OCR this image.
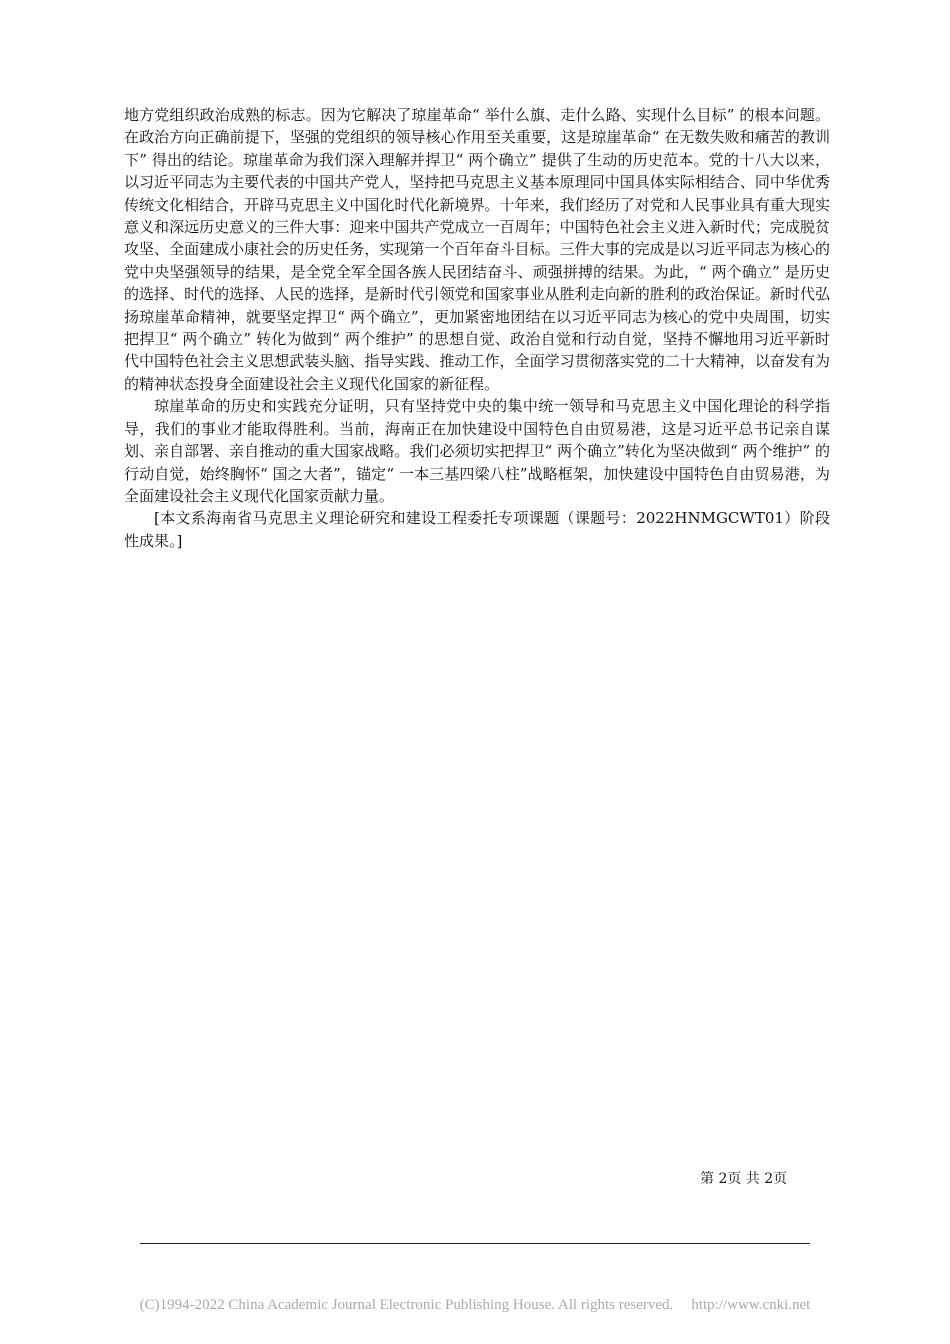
地方党组织政治成熟的标志。因为它解决了琼崖革命“ 举什么旗、走什么路、实现什么目标” 的根本问题。在政治方向正确前提下，坚强的党组织的领导核心作用至关重要，这是琼崖革命“ 在无数失败和痛苦的教训下” 得出的结论。琼崖革命为我们深入理解并捍卫“ 两个确立” 提供了生动的历史范本。党的十八大以来，以习近平同志为主要代表的中国共产党人，坚持把马克思主义基本原理同中国具体实际相结合、同中华优秀传统文化相结合，开辟马克思主义中国化时代化新境界。十年来，我们经历了对党和人民事业具有重大现实意义和深远历史意义的三件大事：迎来中国共产党成立一百周年；中国特色社会主义进入新时代；完成脱贫攻坚、全面建成小康社会的历史任务，实现第一个百年奋斗目标。三件大事的完成是以习近平同志为核心的党中央坚强领导的结果，是全党全军全国各族人民团结奋斗、顽强拼搏的结果。为此，“ 两个确立” 是历史的选择、时代的选择、人民的选择，是新时代引领党和国家事业从胜利走向新的胜利的政治保证。新时代弘扬琼崖革命精神，就要坚定捍卫“ 两个确立”，更加紧密地团结在以习近平同志为核心的党中央周围，切实把捍卫“ 两个确立” 转化为做到“ 两个维护” 的思想自觉、政治自觉和行动自觉，坚持不懈地用习近平新时代中国特色社会主义思想武装头脑、指导实践、推动工作，全面学习贯彻落实党的二十大精神，以奋发有为的精神状态投身全面建设社会主义现代化国家的新征程。

琼崖革命的历史和实践充分证明，只有坚持党中央的集中统一领导和马克思主义中国化理论的科学指导，我们的事业才能取得胜利。当前，海南正在加快建设中国特色自由贸易港，这是习近平总书记亲自谋划、亲自部署、亲自推动的重大国家战略。我们必须切实把捍卫“ 两个确立”转化为坚决做到“ 两个维护” 的行动自觉，始终胸怀“ 国之大者”，锚定“ 一本三基四梁八柱”战略框架，加快建设中国特色自由贸易港，为全面建设社会主义现代化国家贡献力量。

[本文系海南省马克思主义理论研究和建设工程委托专项课题（课题号：2022HNMGCWT01）阶段性成果。]

第 2页 共 2页
(C)1994-2022 China Academic Journal Electronic Publishing House. All rights reserved. http://www.cnki.net
